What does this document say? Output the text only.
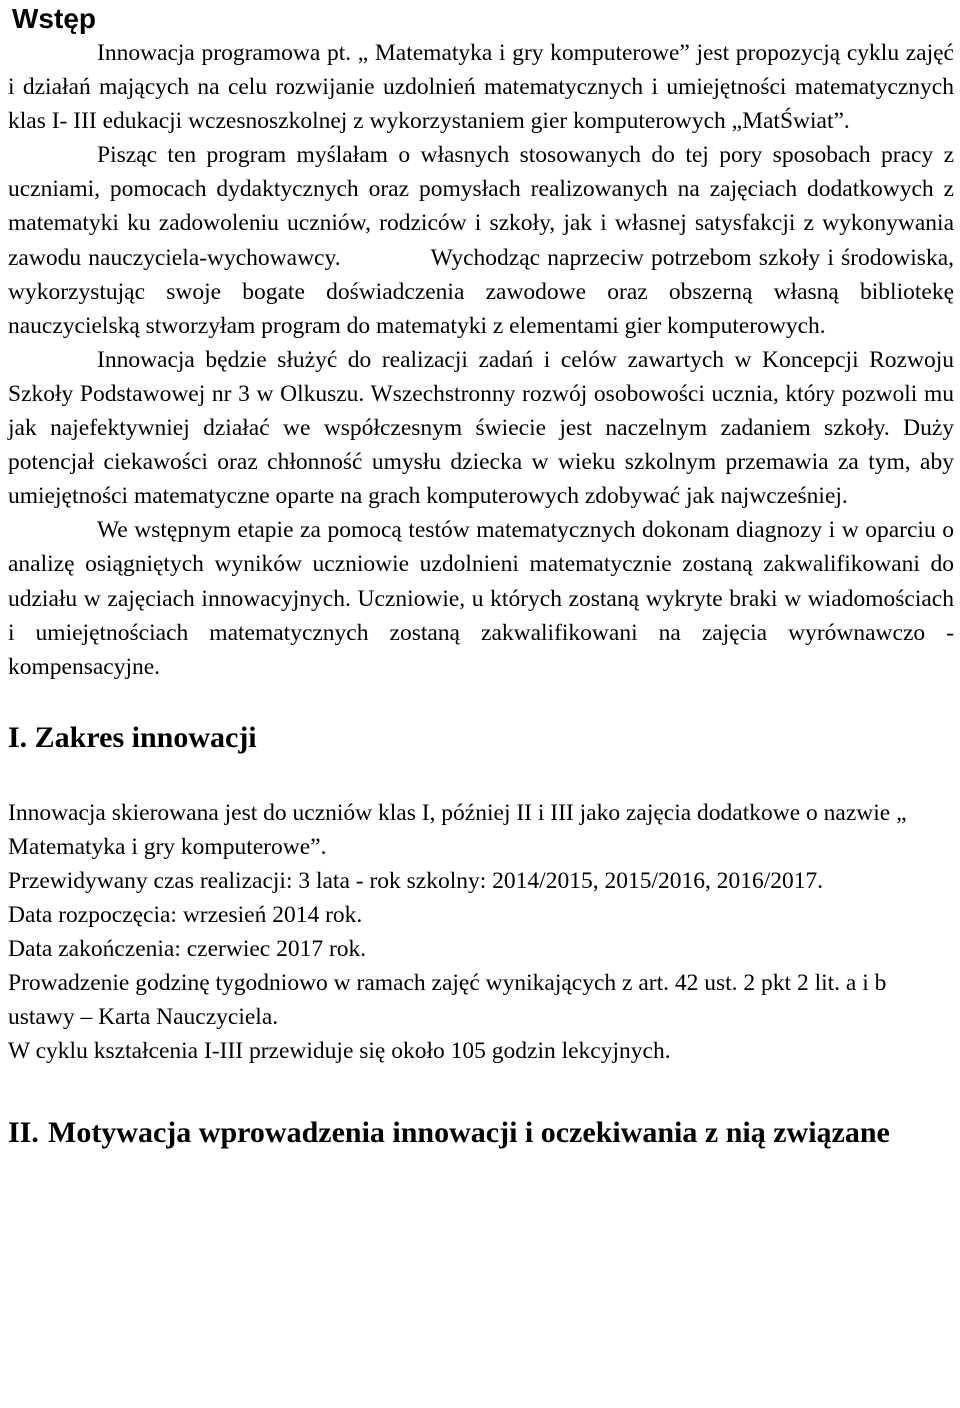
Wstęp

Innowacja programowa pt. „ Matematyka i gry komputerowe” jest propozycją cyklu zajęć i działań mających na celu rozwijanie uzdolnień matematycznych i umiejętności matematycznych klas I- III edukacji wczesnoszkolnej z wykorzystaniem gier komputerowych „MatŚwiat”.

Pisząc ten program myślałam o własnych stosowanych do tej pory sposobach pracy z uczniami, pomocach dydaktycznych oraz pomysłach realizowanych na zajęciach dodatkowych z matematyki ku zadowoleniu uczniów, rodziców i szkoły, jak i własnej satysfakcji z wykonywania zawodu nauczyciela-wychowawcy.	Wychodząc naprzeciw potrzebom szkoły i środowiska, wykorzystując swoje bogate doświadczenia zawodowe oraz obszerną własną bibliotekę nauczycielską stworzyłam program do matematyki z elementami gier komputerowych.

Innowacja będzie służyć do realizacji zadań i celów zawartych w Koncepcji Rozwoju Szkoły Podstawowej nr 3 w Olkuszu. Wszechstronny rozwój osobowości ucznia, który pozwoli mu jak najefektywniej działać we współczesnym świecie jest naczelnym zadaniem szkoły. Duży potencjał ciekawości oraz chłonność umysłu dziecka w wieku szkolnym przemawia za tym, aby umiejętności matematyczne oparte na grach komputerowych zdobywać jak najwcześniej.

We wstępnym etapie za pomocą testów matematycznych dokonam diagnozy i w oparciu o analizę osiągniętych wyników uczniowie uzdolnieni matematycznie zostaną zakwalifikowani do udziału w zajęciach innowacyjnych. Uczniowie, u których zostaną wykryte braki w wiadomościach i umiejętnościach matematycznych zostaną zakwalifikowani na zajęcia wyrównawczo - kompensacyjne.

I. Zakres innowacji

Innowacja skierowana jest do uczniów klas I, później II i III jako zajęcia dodatkowe o nazwie „ Matematyka i gry komputerowe”.

Przewidywany czas realizacji: 3 lata - rok szkolny: 2014/2015, 2015/2016, 2016/2017.

Data rozpoczęcia: wrzesień 2014 rok.

Data zakończenia: czerwiec 2017 rok.

Prowadzenie godzinę tygodniowo w ramach zajęć wynikających z art. 42 ust. 2 pkt 2 lit. a i b ustawy – Karta Nauczyciela.

W cyklu kształcenia I-III przewiduje się około 105 godzin lekcyjnych.

II. Motywacja wprowadzenia innowacji i oczekiwania z nią związane
